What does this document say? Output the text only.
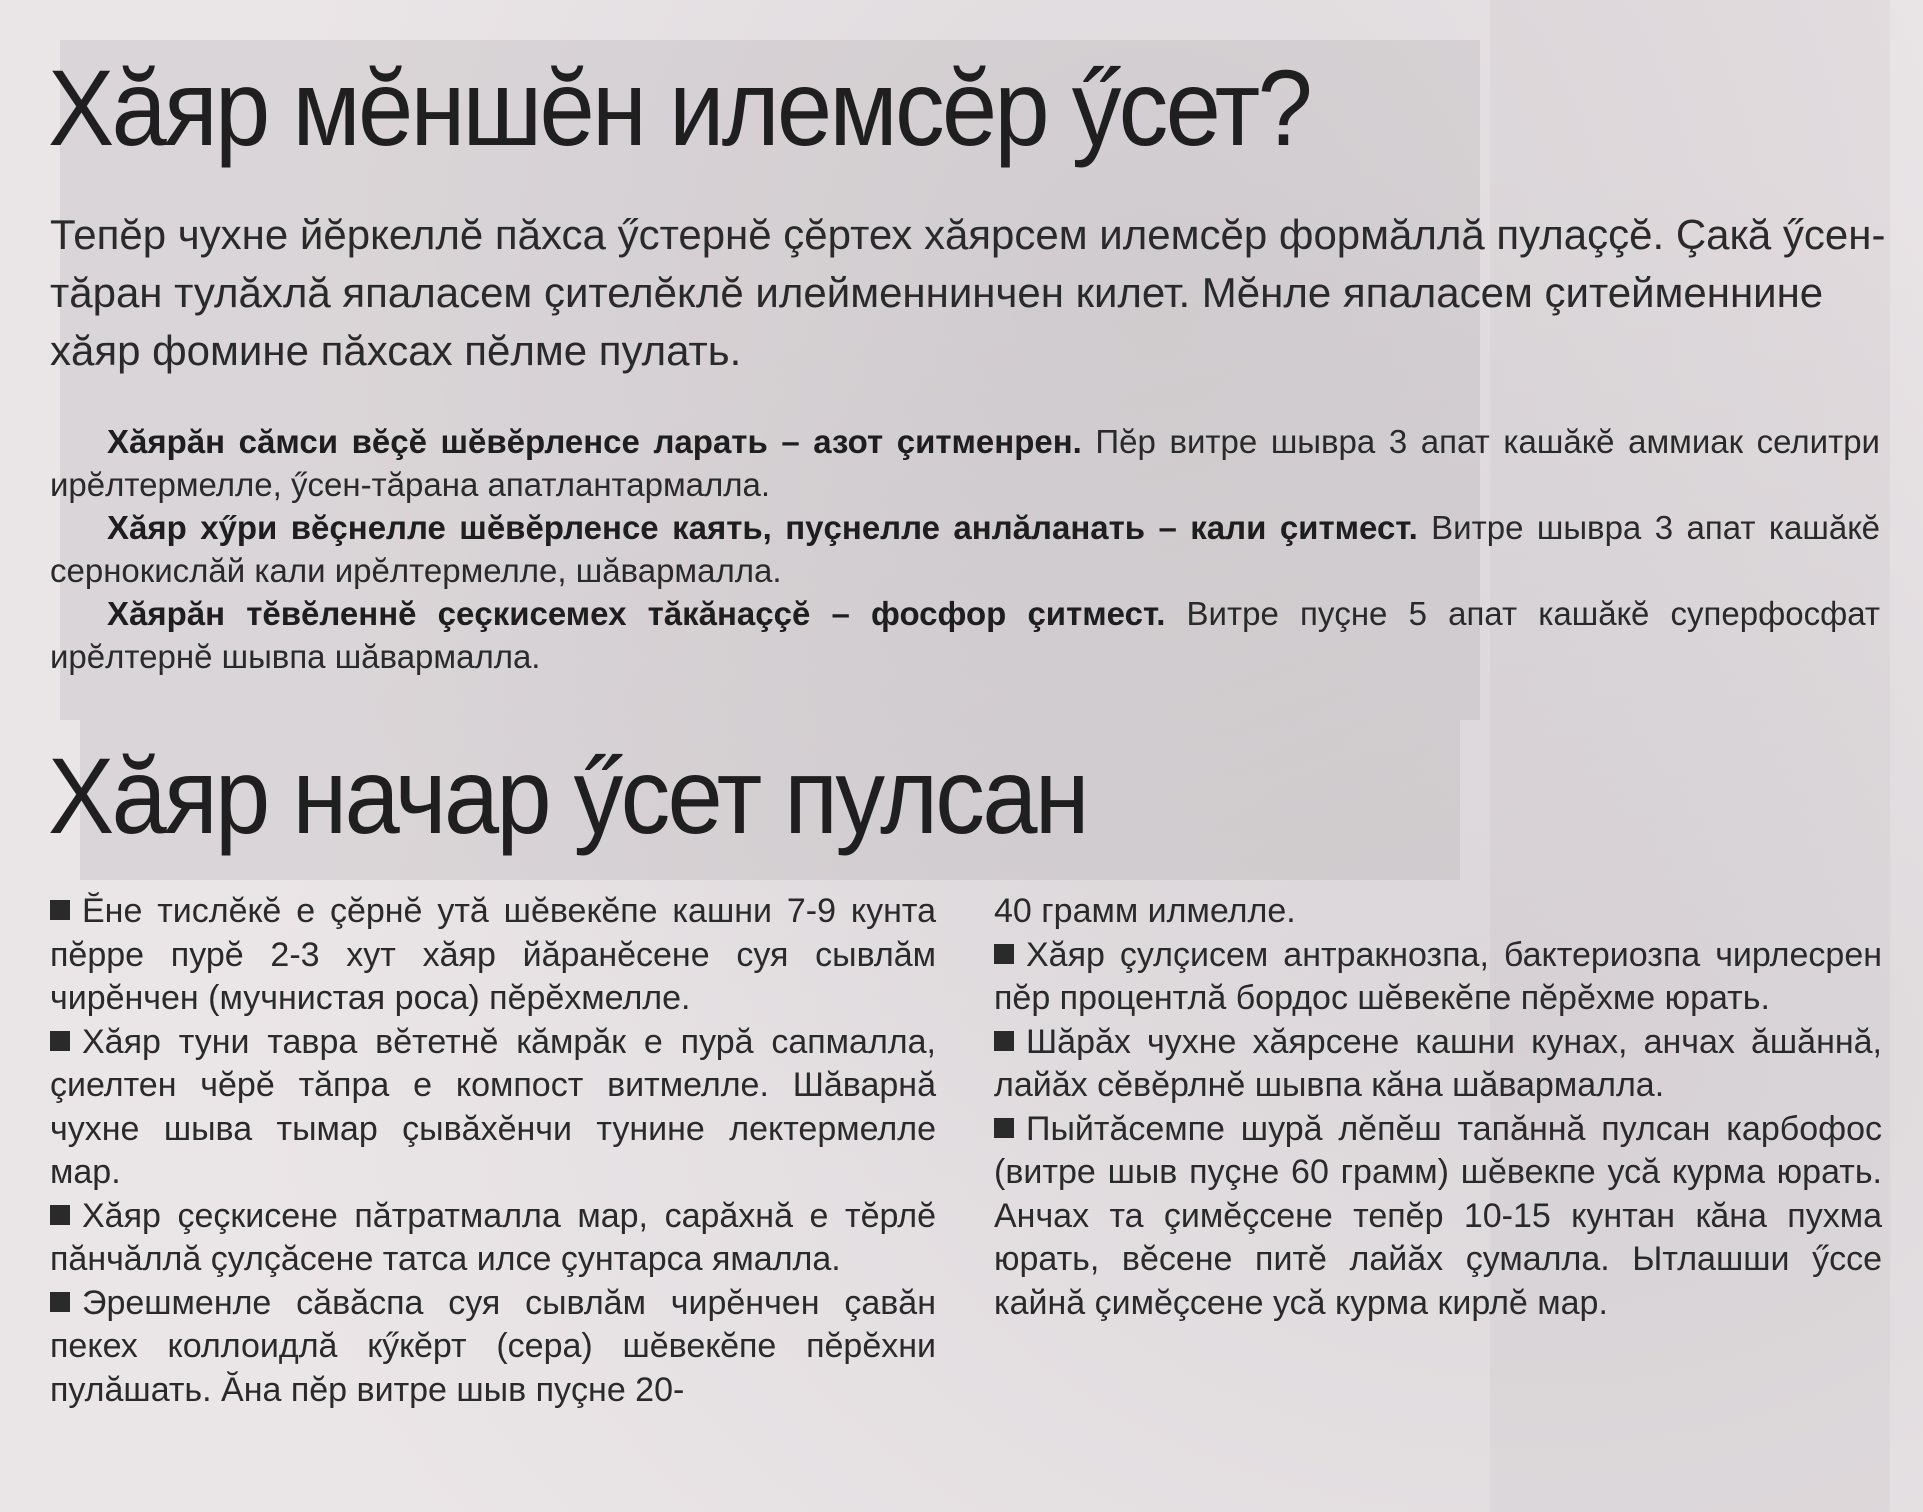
Хăяр мĕншĕн илемсĕр ӳсет?

Тепĕр чухне йĕркеллĕ пăхса ӳстернĕ çĕртех хăярсем илемсĕр формăллă пулаççĕ. Çакă ӳсен-тăран тулăхлă япаласем çителĕклĕ илейменнинчен килет. Мĕнле япаласем çитейменнине хăяр фомине пăхсах пĕлме пулать.

Хăярăн сăмси вĕçĕ шĕвĕрленсе ларать – азот çитменрен. Пĕр витре шывра 3 апат кашăкĕ аммиак селитри ирĕлтермелле, ӳсен-тăрана апатлантармалла.

Хăяр хӳри вĕçнелле шĕвĕрленсе каять, пуçнелле анлăланать – кали çитмест. Витре шывра 3 апат кашăкĕ сернокислăй кали ирĕлтермелле, шăвармалла.

Хăярăн тĕвĕленнĕ çеçкисемех тăкăнаççĕ – фосфор çитмест. Витре пуçне 5 апат кашăкĕ суперфосфат ирĕлтернĕ шывпа шăвармалла.

Хăяр начар ӳсет пулсан

Ĕне тислĕкĕ е çĕрнĕ утă шĕвекĕпе кашни 7-9 кунта пĕрре пурĕ 2-3 хут хăяр йăранĕсене суя сывлăм чирĕнчен (мучнистая роса) пĕрĕхмелле.

Хăяр туни тавра вĕтетнĕ кăмрăк е пурă сапмалла, çиелтен чĕрĕ тăпра е компост витмелле. Шăварнă чухне шыва тымар çывăхĕнчи тунине лектермелле мар.

Хăяр çеçкисене пăтратмалла мар, сарăхнă е тĕрлĕ пăнчăллă çулçăсене татса илсе çунтарса ямалла.

Эрешменле сăвăспа суя сывлăм чирĕнчен çавăн пекех коллоидлă кӳкĕрт (сера) шĕвекĕпе пĕрĕхни пулăшать. Ăна пĕр витре шыв пуçне 20-

40 грамм илмелле.

Хăяр çулçисем антракнозпа, бактериозпа чирлесрен пĕр процентлă бордос шĕвекĕпе пĕрĕхме юрать.

Шăрăх чухне хăярсене кашни кунах, анчах ăшăннă, лайăх сĕвĕрлнĕ шывпа кăна шăвармалла.

Пыйтăсемпе шурă лĕпĕш тапăннă пулсан карбофос (витре шыв пуçне 60 грамм) шĕвекпе усă курма юрать. Анчах та çимĕçсене тепĕр 10-15 кунтан кăна пухма юрать, вĕсене питĕ лайăх çумалла. Ытлашши ӳссе кайнă çимĕçсене усă курма кирлĕ мар.
